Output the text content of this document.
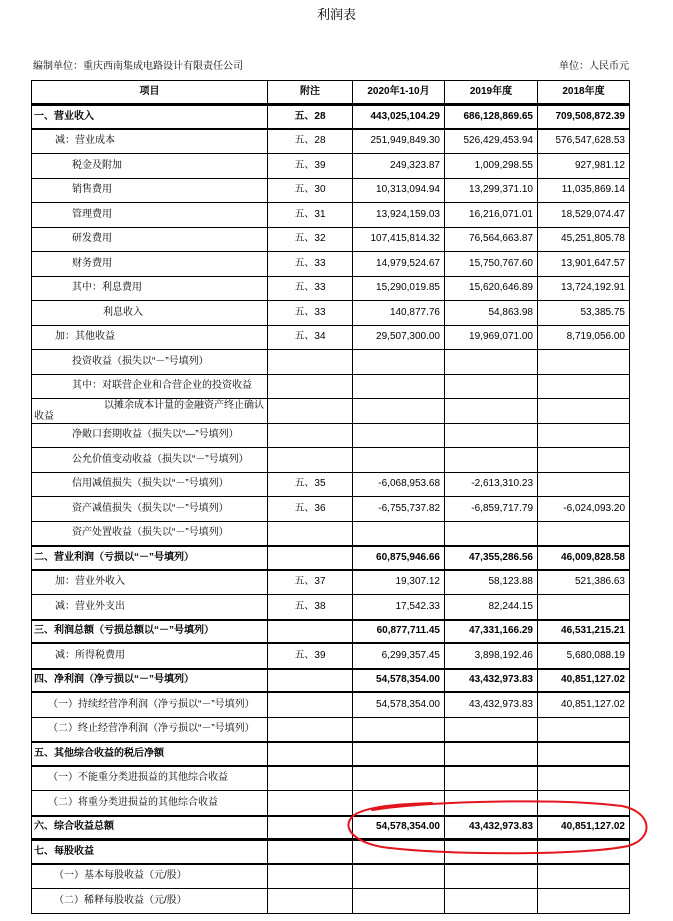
利润表
编制单位：重庆西南集成电路设计有限责任公司	单位：人民币元
项目	附注	2020年1-10月	2019年度	2018年度
一、营业收入	五、28	443,025,104.29	686,128,869.65	709,508,872.39
减：营业成本	五、28	251,949,849.30	526,429,453.94	576,547,628.53
税金及附加	五、39	249,323.87	1,009,298.55	927,981.12
销售费用	五、30	10,313,094.94	13,299,371.10	11,035,869.14
管理费用	五、31	13,924,159.03	16,216,071.01	18,529,074.47
研发费用	五、32	107,415,814.32	76,564,663.87	45,251,805.78
财务费用	五、33	14,979,524.67	15,750,767.60	13,901,647.57
其中：利息费用	五、33	15,290,019.85	15,620,646.89	13,724,192.91
利息收入	五、33	140,877.76	54,863.98	53,385.75
加：其他收益	五、34	29,507,300.00	19,969,071.00	8,719,056.00
投资收益（损失以“－”号填列）
其中：对联营企业和合营企业的投资收益
以摊余成本计量的金融资产终止确认
收益
净敞口套期收益（损失以“—”号填列）
公允价值变动收益（损失以“－”号填列）
信用减值损失（损失以“－”号填列）	五、35	-6,068,953.68	-2,613,310.23
资产减值损失（损失以“－”号填列）	五、36	-6,755,737.82	-6,859,717.79	-6,024,093.20
资产处置收益（损失以“－”号填列）
二、营业利润（亏损以“－”号填列）	60,875,946.66	47,355,286.56	46,009,828.58
加：营业外收入	五、37	19,307.12	58,123.88	521,386.63
减：营业外支出	五、38	17,542.33	82,244.15
三、利润总额（亏损总额以“－”号填列）	60,877,711.45	47,331,166.29	46,531,215.21
减：所得税费用	五、39	6,299,357.45	3,898,192.46	5,680,088.19
四、净利润（净亏损以“－”号填列）	54,578,354.00	43,432,973.83	40,851,127.02
（一）持续经营净利润（净亏损以“－”号填列）	54,578,354.00	43,432,973.83	40,851,127.02
（二）终止经营净利润（净亏损以“－”号填列）
五、其他综合收益的税后净额
（一）不能重分类进损益的其他综合收益
（二）将重分类进损益的其他综合收益
六、综合收益总额	54,578,354.00	43,432,973.83	40,851,127.02
七、每股收益
（一）基本每股收益（元/股）
（二）稀释每股收益（元/股）
